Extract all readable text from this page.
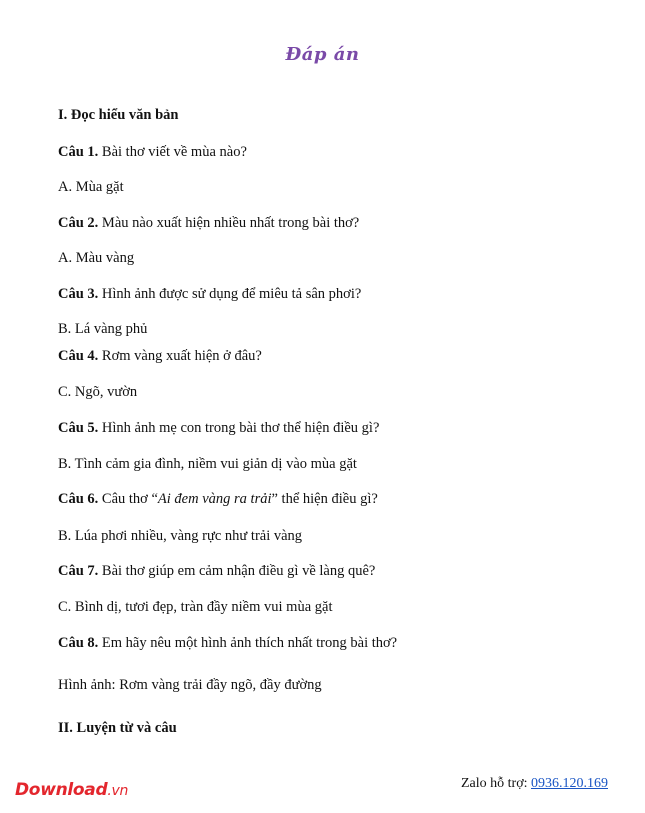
Đáp án
I. Đọc hiểu văn bản
Câu 1. Bài thơ viết về mùa nào?
A. Mùa gặt
Câu 2. Màu nào xuất hiện nhiều nhất trong bài thơ?
A. Màu vàng
Câu 3. Hình ảnh được sử dụng để miêu tả sân phơi?
B. Lá vàng phủ
Câu 4. Rơm vàng xuất hiện ở đâu?
C. Ngõ, vườn
Câu 5. Hình ảnh mẹ con trong bài thơ thể hiện điều gì?
B. Tình cảm gia đình, niềm vui giản dị vào mùa gặt
Câu 6. Câu thơ “Ai đem vàng ra trải” thể hiện điều gì?
B. Lúa phơi nhiều, vàng rực như trải vàng
Câu 7. Bài thơ giúp em cảm nhận điều gì về làng quê?
C. Bình dị, tươi đẹp, tràn đầy niềm vui mùa gặt
Câu 8. Em hãy nêu một hình ảnh thích nhất trong bài thơ?
Hình ảnh: Rơm vàng trải đầy ngõ, đầy đường
II. Luyện từ và câu
Download.vn	Zalo hỗ trợ: 0936.120.169
